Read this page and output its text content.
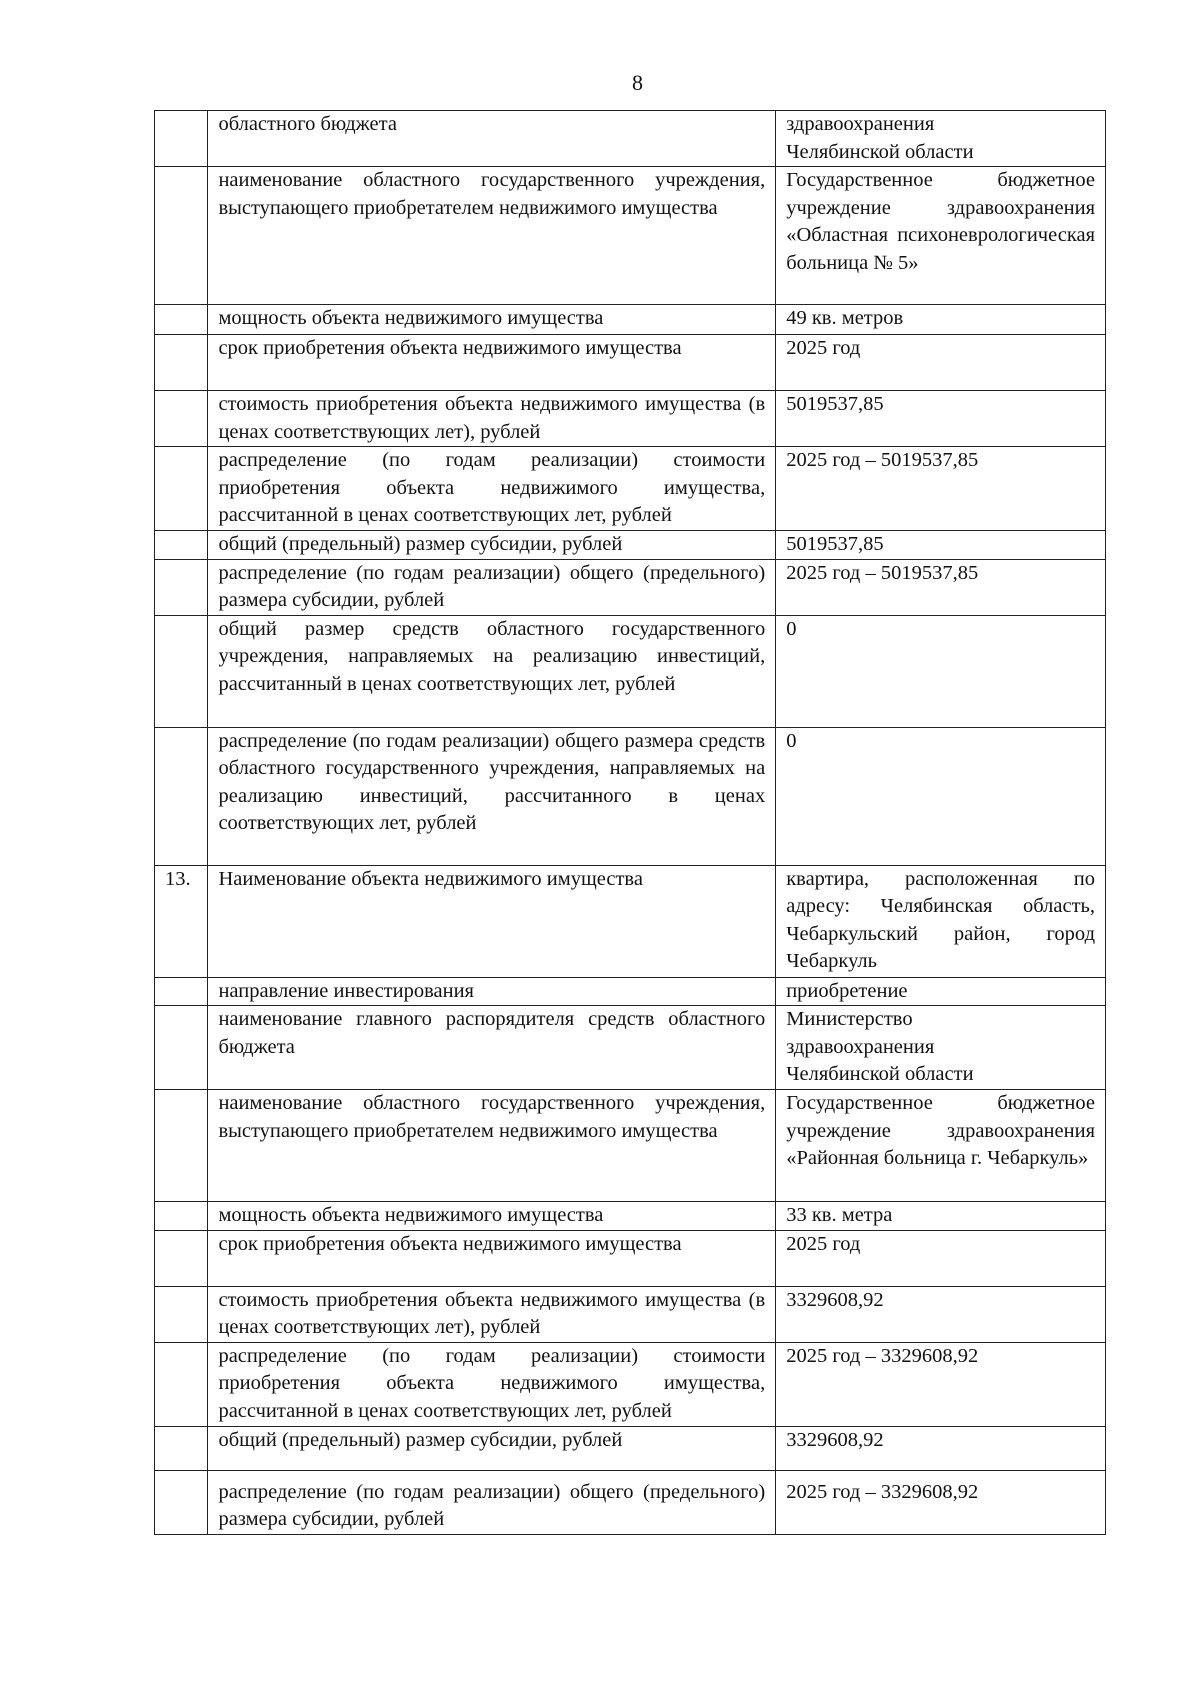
8
	областного бюджета	здравоохранения
Челябинской области
	наименование областного государственного учреждения, выступающего приобретателем недвижимого имущества	Государственное бюджетное учреждение здравоохранения «Областная психоневрологическая больница № 5»
	мощность объекта недвижимого имущества	49 кв. метров
	срок приобретения объекта недвижимого имущества	2025 год
	стоимость приобретения объекта недвижимого имущества (в ценах соответствующих лет), рублей	5019537,85
	распределение (по годам реализации) стоимости приобретения объекта недвижимого имущества, рассчитанной в ценах соответствующих лет, рублей	2025 год – 5019537,85
	общий (предельный) размер субсидии, рублей	5019537,85
	распределение (по годам реализации) общего (предельного) размера субсидии, рублей	2025 год – 5019537,85
	общий размер средств областного государственного учреждения, направляемых на реализацию инвестиций, рассчитанный в ценах соответствующих лет, рублей	0
	распределение (по годам реализации) общего размера средств областного государственного учреждения, направляемых на реализацию инвестиций, рассчитанного в ценах соответствующих лет, рублей	0
13.	Наименование объекта недвижимого имущества	квартира, расположенная по адресу: Челябинская область, Чебаркульский район, город Чебаркуль
	направление инвестирования	приобретение
	наименование главного распорядителя средств областного бюджета	Министерство
здравоохранения
Челябинской области
	наименование областного государственного учреждения, выступающего приобретателем недвижимого имущества	Государственное бюджетное учреждение здравоохранения «Районная больница г. Чебаркуль»
	мощность объекта недвижимого имущества	33 кв. метра
	срок приобретения объекта недвижимого имущества	2025 год
	стоимость приобретения объекта недвижимого имущества (в ценах соответствующих лет), рублей	3329608,92
	распределение (по годам реализации) стоимости приобретения объекта недвижимого имущества, рассчитанной в ценах соответствующих лет, рублей	2025 год – 3329608,92
	общий (предельный) размер субсидии, рублей	3329608,92
	распределение (по годам реализации) общего (предельного) размера субсидии, рублей	2025 год – 3329608,92
